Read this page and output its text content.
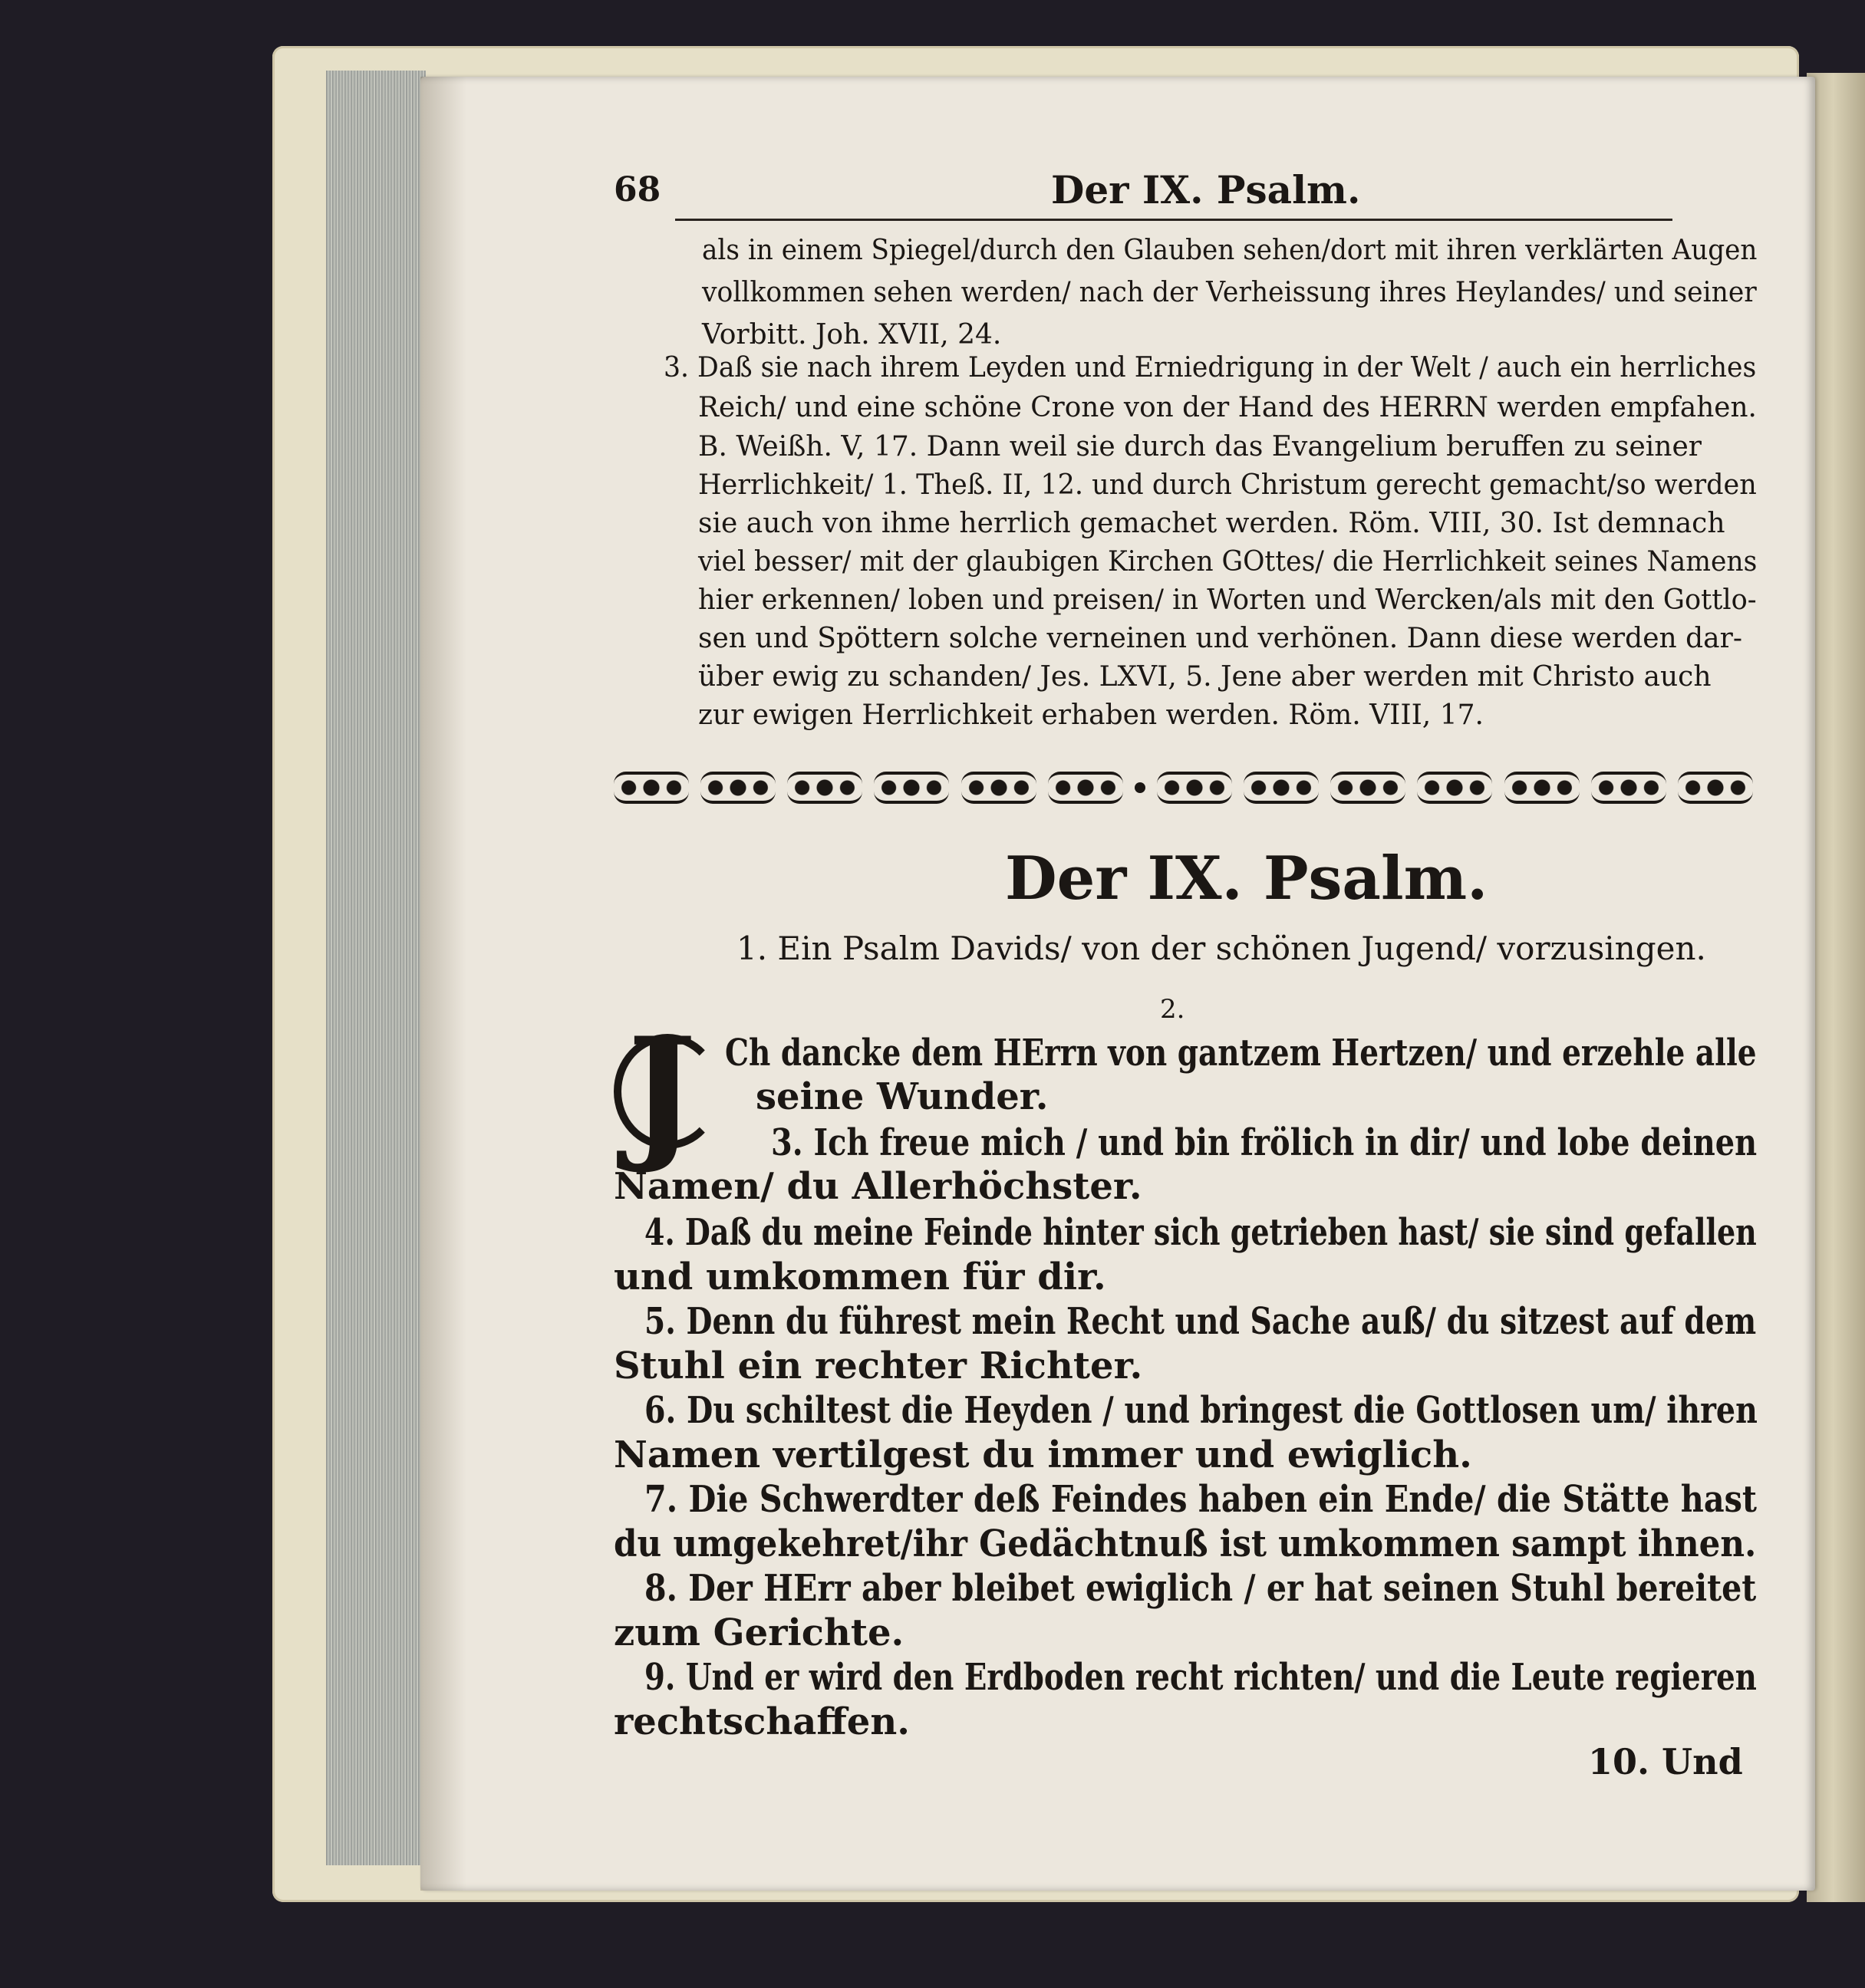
68	Der IX. Psalm.
als in einem Spiegel/durch den Glauben sehen/dort mit ihren verklärten Augen
vollkommen sehen werden/ nach der Verheissung ihres Heylandes/ und seiner
Vorbitt. Joh. XVII, 24.
3. Daß sie nach ihrem Leyden und Erniedrigung in der Welt / auch ein herrliches
Reich/ und eine schöne Crone von der Hand des HERRN werden empfahen.
B. Weißh. V, 17. Dann weil sie durch das Evangelium beruffen zu seiner
Herrlichkeit/ 1. Theß. II, 12. und durch Christum gerecht gemacht/so werden
sie auch von ihme herrlich gemachet werden. Röm. VIII, 30. Ist demnach
viel besser/ mit der glaubigen Kirchen GOttes/ die Herrlichkeit seines Namens
hier erkennen/ loben und preisen/ in Worten und Wercken/als mit den Gottlo-
sen und Spöttern solche verneinen und verhönen. Dann diese werden dar-
über ewig zu schanden/ Jes. LXVI, 5. Jene aber werden mit Christo auch
zur ewigen Herrlichkeit erhaben werden. Röm. VIII, 17.
Der IX. Psalm.
1. Ein Psalm Davids/ von der schönen Jugend/ vorzusingen.
2.
J Ch dancke dem HErrn von gantzem Hertzen/ und erzehle alle
seine Wunder.
3. Ich freue mich / und bin frölich in dir/ und lobe deinen
Namen/ du Allerhöchster.
4. Daß du meine Feinde hinter sich getrieben hast/ sie sind gefallen
und umkommen für dir.
5. Denn du führest mein Recht und Sache auß/ du sitzest auf dem
Stuhl ein rechter Richter.
6. Du schiltest die Heyden / und bringest die Gottlosen um/ ihren
Namen vertilgest du immer und ewiglich.
7. Die Schwerdter deß Feindes haben ein Ende/ die Stätte hast
du umgekehret/ihr Gedächtnuß ist umkommen sampt ihnen.
8. Der HErr aber bleibet ewiglich / er hat seinen Stuhl bereitet
zum Gerichte.
9. Und er wird den Erdboden recht richten/ und die Leute regieren
rechtschaffen.
10. Und
